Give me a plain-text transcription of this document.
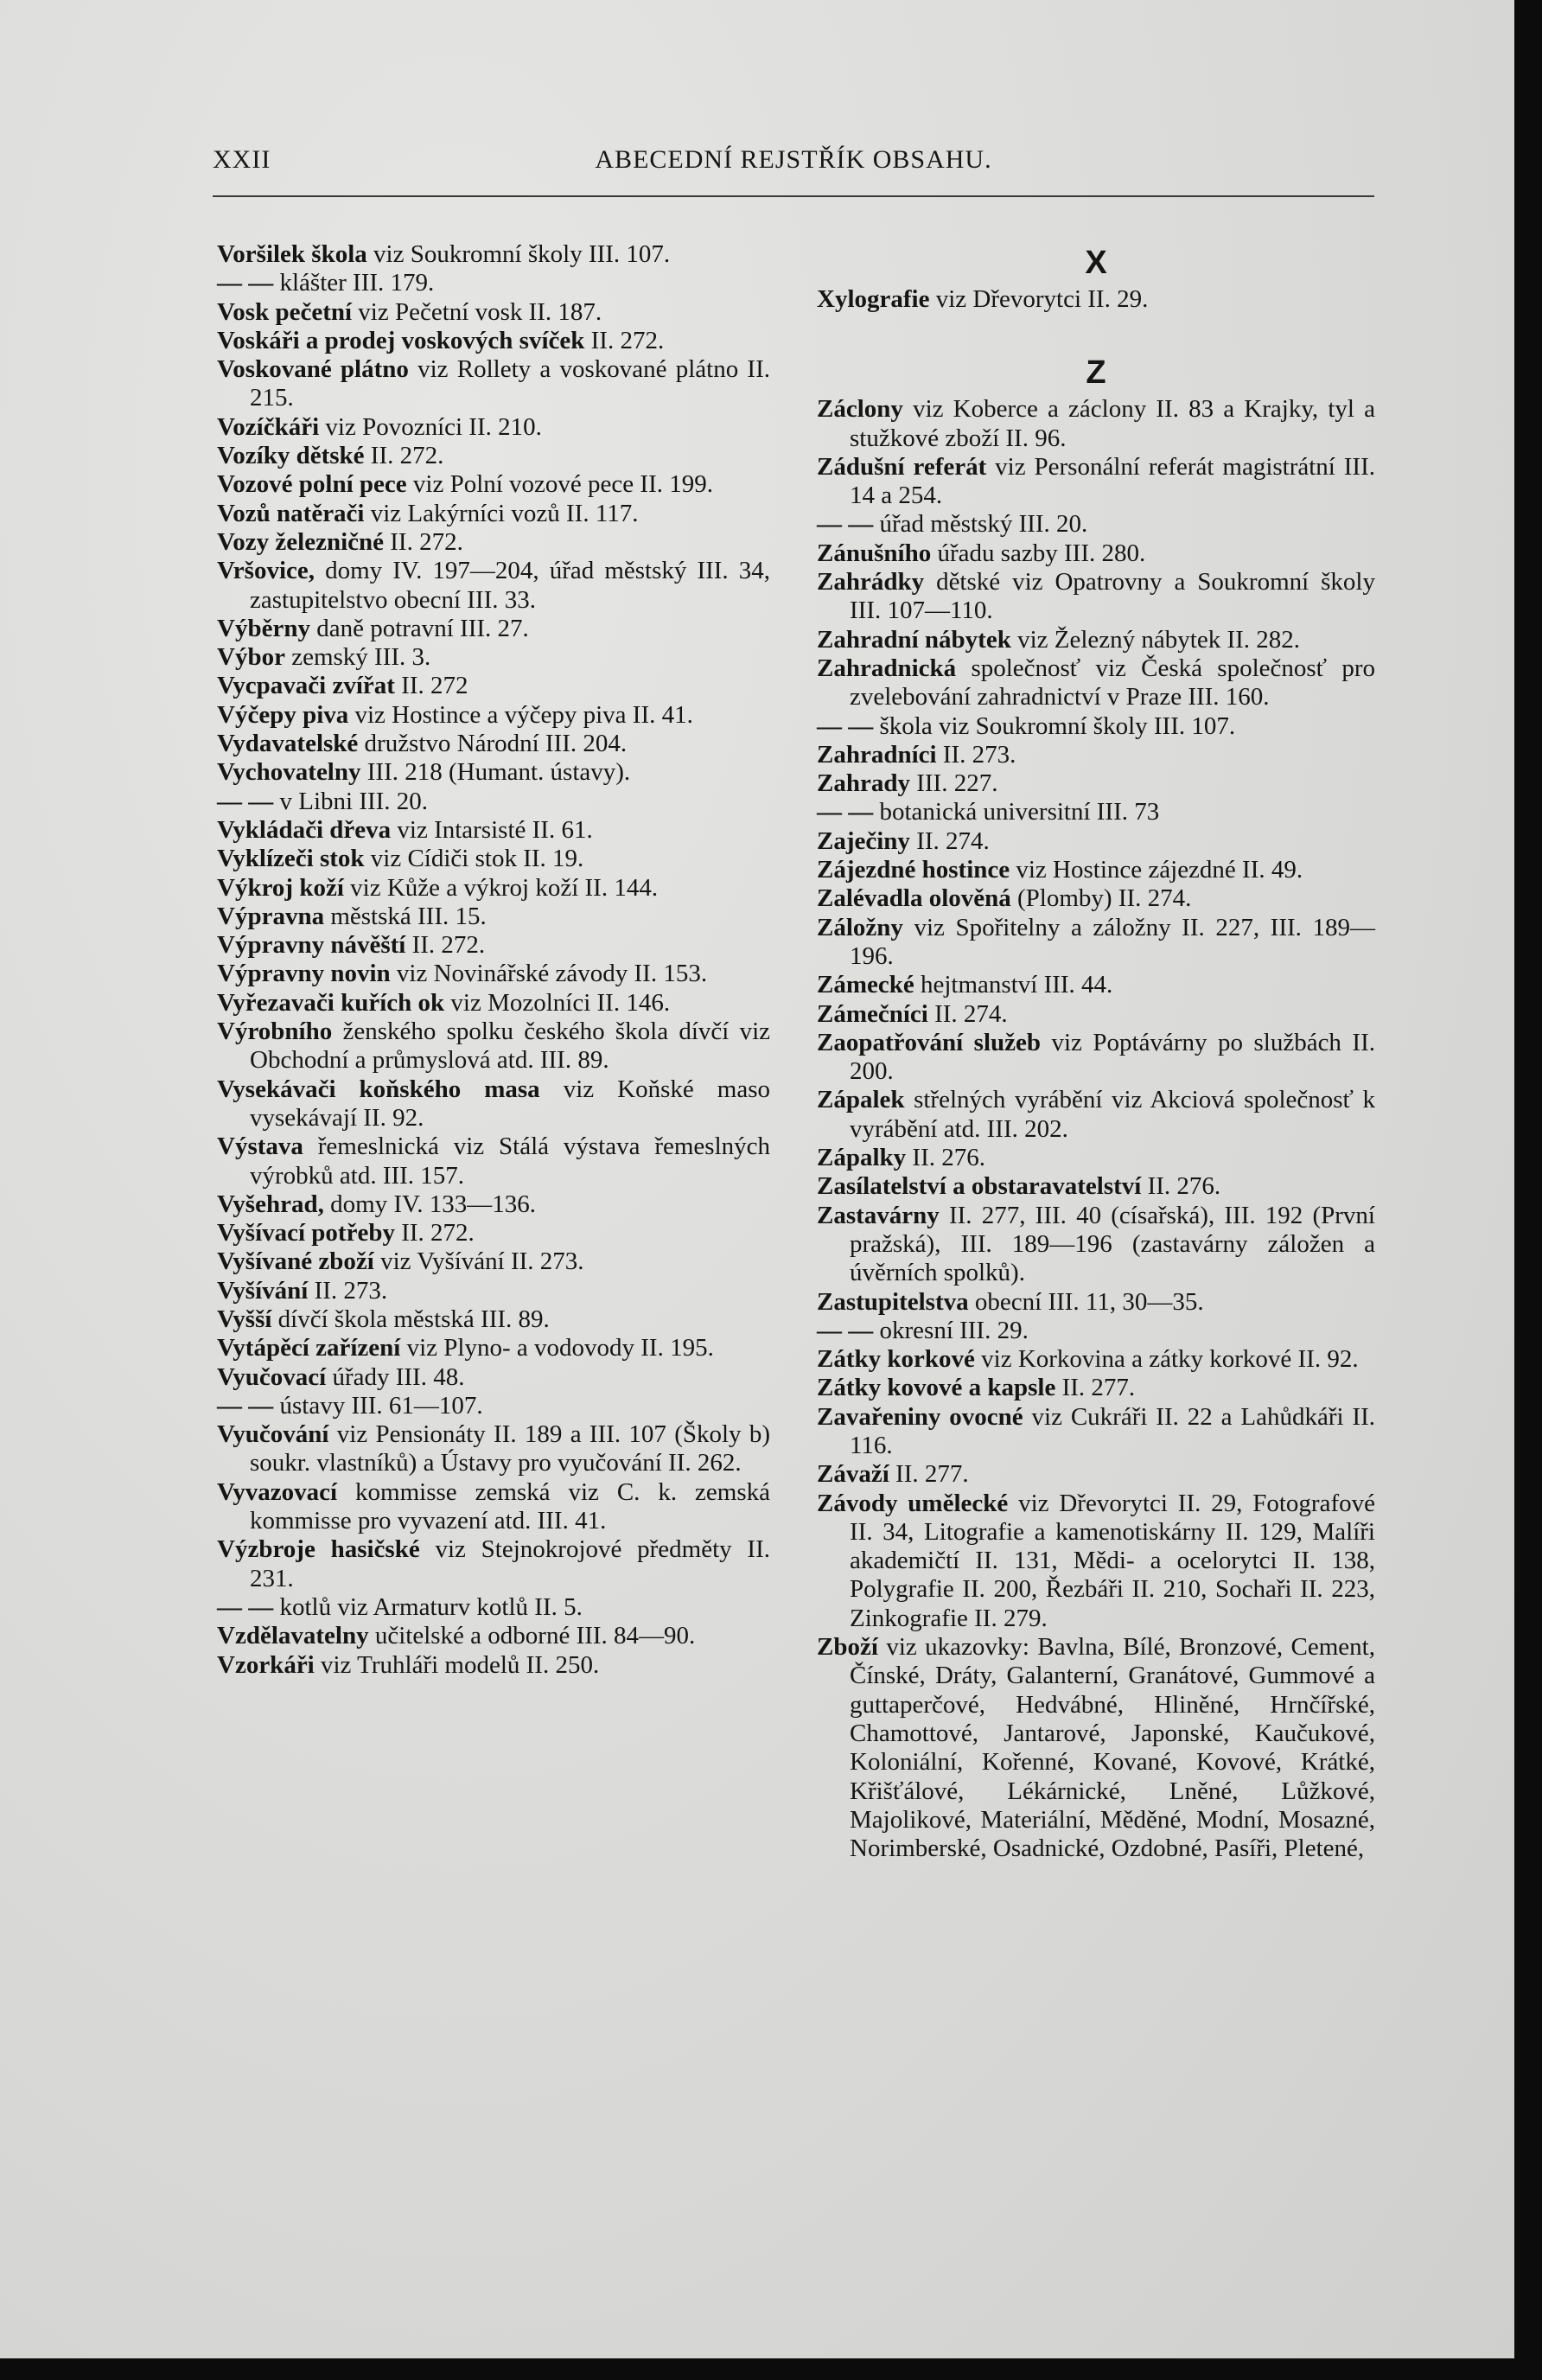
XXII	ABECEDNÍ REJSTŘÍK OBSAHU.
Voršilek škola viz Soukromní školy III. 107.
— — klášter III. 179.
Vosk pečetní viz Pečetní vosk II. 187.
Voskáři a prodej voskových svíček II. 272.
Voskované plátno viz Rollety a voskované plátno II. 215.
Vozíčkáři viz Povozníci II. 210.
Vozíky dětské II. 272.
Vozové polní pece viz Polní vozové pece II. 199.
Vozů natěrači viz Lakýrníci vozů II. 117.
Vozy železničné II. 272.
Vršovice, domy IV. 197—204, úřad městský III. 34, zastupitelstvo obecní III. 33.
Výběrny daně potravní III. 27.
Výbor zemský III. 3.
Vycpavači zvířat II. 272
Výčepy piva viz Hostince a výčepy piva II. 41.
Vydavatelské družstvo Národní III. 204.
Vychovatelny III. 218 (Humant. ústavy).
— — v Libni III. 20.
Vykládači dřeva viz Intarsisté II. 61.
Vyklízeči stok viz Cídiči stok II. 19.
Výkroj koží viz Kůže a výkroj koží II. 144.
Výpravna městská III. 15.
Výpravny návěští II. 272.
Výpravny novin viz Novinářské závody II. 153.
Vyřezavači kuřích ok viz Mozolníci II. 146.
Výrobního ženského spolku českého škola dívčí viz Obchodní a průmyslová atd. III. 89.
Vysekávači koňského masa viz Koňské maso vysekávají II. 92.
Výstava řemeslnická viz Stálá výstava řemeslných výrobků atd. III. 157.
Vyšehrad, domy IV. 133—136.
Vyšívací potřeby II. 272.
Vyšívané zboží viz Vyšívání II. 273.
Vyšívání II. 273.
Vyšší dívčí škola městská III. 89.
Vytápěcí zařízení viz Plyno- a vodovody II. 195.
Vyučovací úřady III. 48.
— — ústavy III. 61—107.
Vyučování viz Pensionáty II. 189 a III. 107 (Školy b) soukr. vlastníků) a Ústavy pro vyučování II. 262.
Vyvazovací kommisse zemská viz C. k. zemská kommisse pro vyvazení atd. III. 41.
Výzbroje hasičské viz Stejnokrojové předměty II. 231.
— — kotlů viz Armaturv kotlů II. 5.
Vzdělavatelny učitelské a odborné III. 84—90.
Vzorkáři viz Truhláři modelů II. 250.
X
Xylografie viz Dřevorytci II. 29.
Z
Záclony viz Koberce a záclony II. 83 a Krajky, tyl a stužkové zboží II. 96.
Zádušní referát viz Personální referát magistrátní III. 14 a 254.
— — úřad městský III. 20.
Zánušního úřadu sazby III. 280.
Zahrádky dětské viz Opatrovny a Soukromní školy III. 107—110.
Zahradní nábytek viz Železný nábytek II. 282.
Zahradnická společnosť viz Česká společnosť pro zvelebování zahradnictví v Praze III. 160.
— — škola viz Soukromní školy III. 107.
Zahradníci II. 273.
Zahrady III. 227.
— — botanická universitní III. 73
Zaječiny II. 274.
Zájezdné hostince viz Hostince zájezdné II. 49.
Zalévadla olověná (Plomby) II. 274.
Záložny viz Spořitelny a záložny II. 227, III. 189—196.
Zámecké hejtmanství III. 44.
Zámečníci II. 274.
Zaopatřování služeb viz Poptávárny po službách II. 200.
Zápalek střelných vyrábění viz Akciová společnosť k vyrábění atd. III. 202.
Zápalky II. 276.
Zasílatelství a obstaravatelství II. 276.
Zastavárny II. 277, III. 40 (císařská), III. 192 (První pražská), III. 189—196 (zastavárny záložen a úvěrních spolků).
Zastupitelstva obecní III. 11, 30—35.
— — okresní III. 29.
Zátky korkové viz Korkovina a zátky korkové II. 92.
Zátky kovové a kapsle II. 277.
Zavařeniny ovocné viz Cukráři II. 22 a Lahůdkáři II. 116.
Závaží II. 277.
Závody umělecké viz Dřevorytci II. 29, Fotografové II. 34, Litografie a kamenotiskárny II. 129, Malíři akademičtí II. 131, Mědi- a ocelorytci II. 138, Polygrafie II. 200, Řezbáři II. 210, Sochaři II. 223, Zinkografie II. 279.
Zboží viz ukazovky: Bavlna, Bílé, Bronzové, Cement, Čínské, Dráty, Galanterní, Granátové, Gummové a guttaperčové, Hedvábné, Hliněné, Hrnčířské, Chamottové, Jantarové, Japonské, Kaučukové, Koloniální, Kořenné, Kované, Kovové, Krátké, Křišťálové, Lékárnické, Lněné, Lůžkové, Majolikové, Materiální, Měděné, Modní, Mosazné, Norimberské, Osadnické, Ozdobné, Pasíři, Pletené,
